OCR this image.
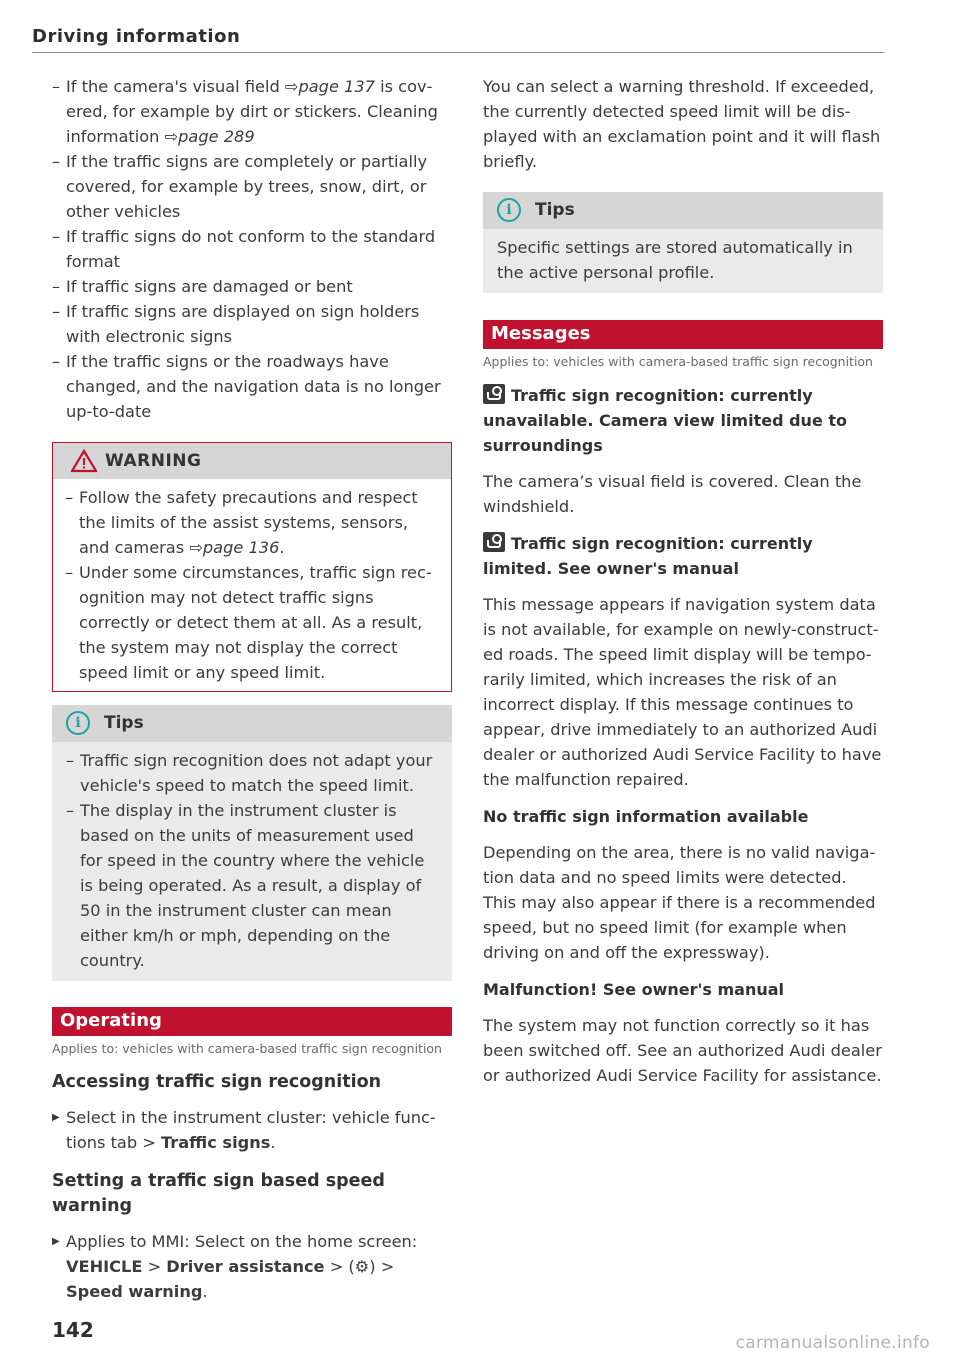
Driving information
– If the camera's visual field ⇨page 137 is covered, for example by dirt or stickers. Cleaning information ⇨page 289
– If the traffic signs are completely or partially covered, for example by trees, snow, dirt, or other vehicles
– If traffic signs do not conform to the standard format
– If traffic signs are damaged or bent
– If traffic signs are displayed on sign holders with electronic signs
– If the traffic signs or the roadways have changed, and the navigation data is no longer up-to-date
WARNING
– Follow the safety precautions and respect the limits of the assist systems, sensors, and cameras ⇨page 136.
– Under some circumstances, traffic sign recognition may not detect traffic signs correctly or detect them at all. As a result, the system may not display the correct speed limit or any speed limit.
i	Tips
– Traffic sign recognition does not adapt your vehicle's speed to match the speed limit.
– The display in the instrument cluster is based on the units of measurement used for speed in the country where the vehicle is being operated. As a result, a display of 50 in the instrument cluster can mean either km/h or mph, depending on the country.
Operating
Applies to: vehicles with camera-based traffic sign recognition
Accessing traffic sign recognition
▶ Select in the instrument cluster: vehicle functions tab > Traffic signs.
Setting a traffic sign based speed warning
▶ Applies to MMI: Select on the home screen: VEHICLE > Driver assistance > (⚙) > Speed warning.

You can select a warning threshold. If exceeded, the currently detected speed limit will be displayed with an exclamation point and it will flash briefly.

i	Tips

Specific settings are stored automatically in the active personal profile.

Messages
Applies to: vehicles with camera-based traffic sign recognition
Traffic sign recognition: currently unavailable. Camera view limited due to surroundings

The camera’s visual field is covered. Clean the windshield.

Traffic sign recognition: currently limited. See owner's manual

This message appears if navigation system data is not available, for example on newly-constructed roads. The speed limit display will be temporarily limited, which increases the risk of an incorrect display. If this message continues to appear, drive immediately to an authorized Audi dealer or authorized Audi Service Facility to have the malfunction repaired.

No traffic sign information available

Depending on the area, there is no valid navigation data and no speed limits were detected. This may also appear if there is a recommended speed, but no speed limit (for example when driving on and off the expressway).

Malfunction! See owner's manual

The system may not function correctly so it has been switched off. See an authorized Audi dealer or authorized Audi Service Facility for assistance.

142
carmanualsonline.info
